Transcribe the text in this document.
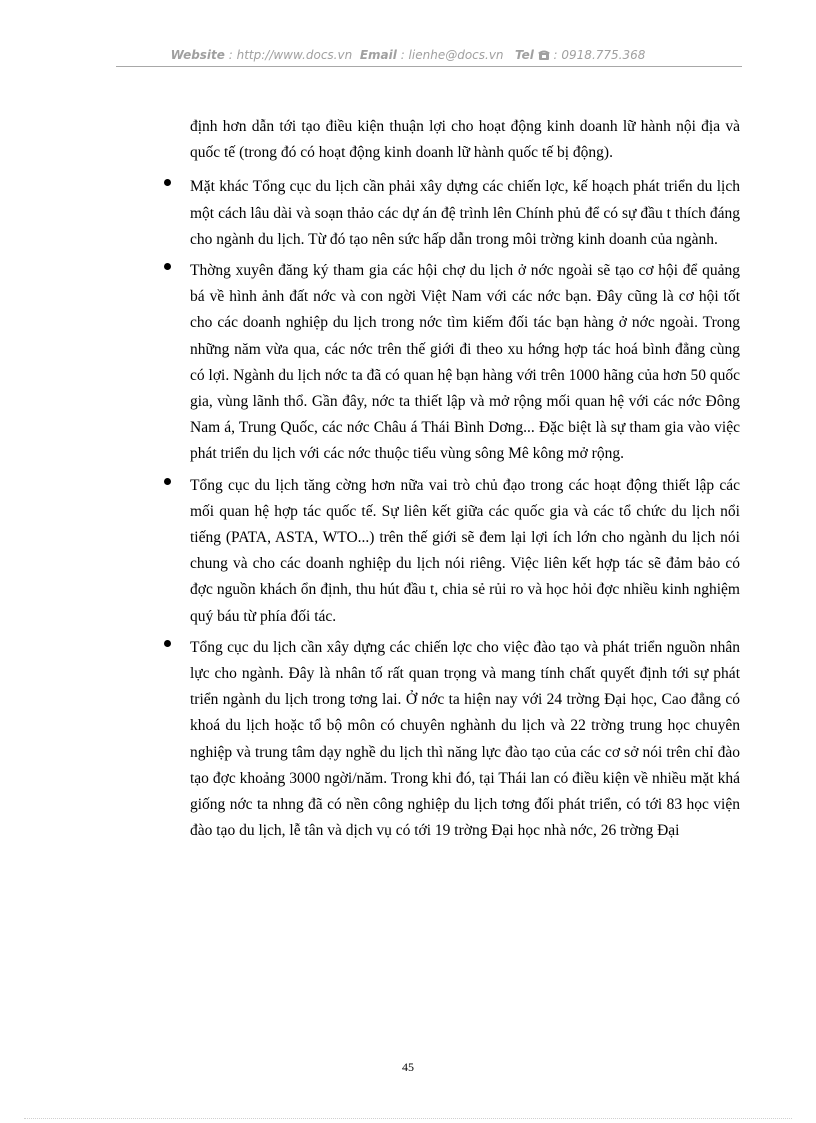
Website : http://www.docs.vn Email : lienhe@docs.vn Tel : 0918.775.368

định hơn dẫn tới tạo điều kiện thuận lợi cho hoạt động kinh doanh lữ hành nội địa và quốc tế (trong đó có hoạt động kinh doanh lữ hành quốc tế bị động).

Mặt khác Tổng cục du lịch cần phải xây dựng các chiến lợc, kế hoạch phát triển du lịch một cách lâu dài và soạn thảo các dự án đệ trình lên Chính phủ để có sự đầu t thích đáng cho ngành du lịch. Từ đó tạo nên sức hấp dẫn trong môi trờng kinh doanh của ngành.
Thờng xuyên đăng ký tham gia các hội chợ du lịch ở nớc ngoài sẽ tạo cơ hội để quảng bá về hình ảnh đất nớc và con ngời Việt Nam với các nớc bạn. Đây cũng là cơ hội tốt cho các doanh nghiệp du lịch trong nớc tìm kiếm đối tác bạn hàng ở nớc ngoài. Trong những năm vừa qua, các nớc trên thế giới đi theo xu hớng hợp tác hoá bình đẳng cùng có lợi. Ngành du lịch nớc ta đã có quan hệ bạn hàng với trên 1000 hãng của hơn 50 quốc gia, vùng lãnh thổ. Gần đây, nớc ta thiết lập và mở rộng mối quan hệ với các nớc Đông Nam á, Trung Quốc, các nớc Châu á Thái Bình Dơng... Đặc biệt là sự tham gia vào việc phát triển du lịch với các nớc thuộc tiểu vùng sông Mê kông mở rộng.
Tổng cục du lịch tăng cờng hơn nữa vai trò chủ đạo trong các hoạt động thiết lập các mối quan hệ hợp tác quốc tế. Sự liên kết giữa các quốc gia và các tổ chức du lịch nổi tiếng (PATA, ASTA, WTO...) trên thế giới sẽ đem lại lợi ích lớn cho ngành du lịch nói chung và cho các doanh nghiệp du lịch nói riêng. Việc liên kết hợp tác sẽ đảm bảo có đợc nguồn khách ổn định, thu hút đầu t, chia sẻ rủi ro và học hỏi đợc nhiều kinh nghiệm quý báu từ phía đối tác.
Tổng cục du lịch cần xây dựng các chiến lợc cho việc đào tạo và phát triển nguồn nhân lực cho ngành. Đây là nhân tố rất quan trọng và mang tính chất quyết định tới sự phát triển ngành du lịch trong tơng lai. Ở nớc ta hiện nay với 24 trờng Đại học, Cao đẳng có khoá du lịch hoặc tổ bộ môn có chuyên nghành du lịch và 22 trờng trung học chuyên nghiệp và trung tâm dạy nghề du lịch thì năng lực đào tạo của các cơ sở nói trên chỉ đào tạo đợc khoảng 3000 ngời/năm. Trong khi đó, tại Thái lan có điều kiện về nhiều mặt khá giống nớc ta nhng đã có nền công nghiệp du lịch tơng đối phát triển, có tới 83 học viện đào tạo du lịch, lễ tân và dịch vụ có tới 19 trờng Đại học nhà nớc, 26 trờng Đại
45
